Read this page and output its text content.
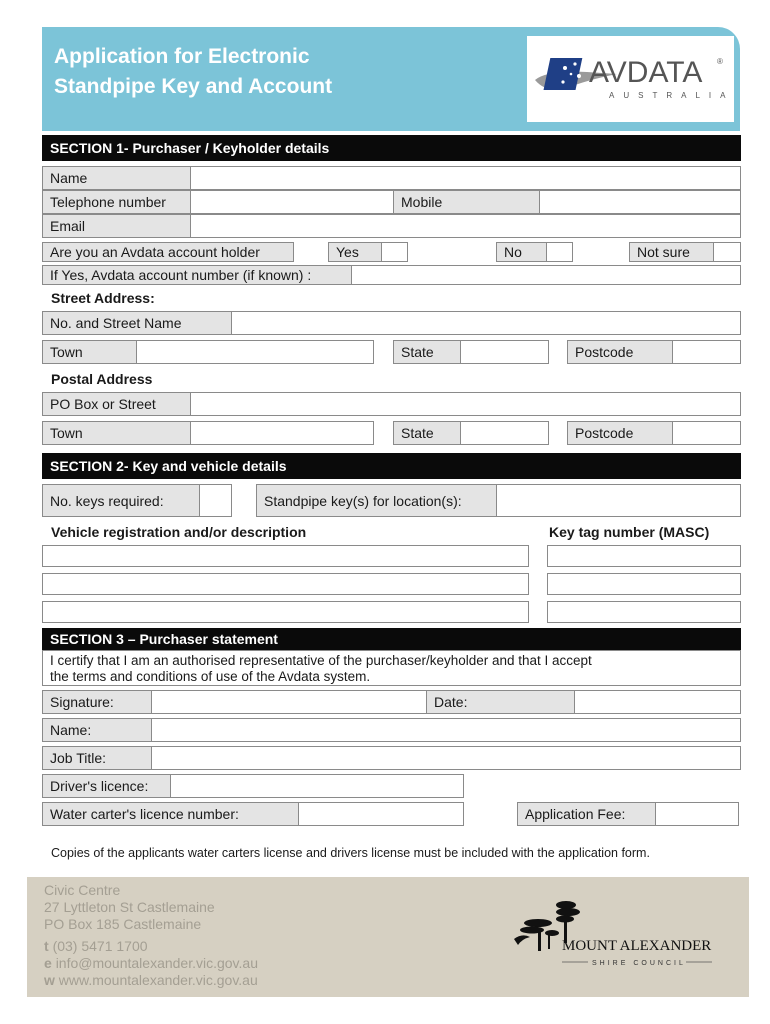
Application for Electronic
Standpipe Key and Account	AVDATA ®
AUSTRALIA
SECTION 1- Purchaser / Keyholder details
Name
Telephone number	Mobile
Email
Are you an Avdata account holder	Yes	No	Not sure
If Yes, Avdata account number (if known) :
Street Address:
No. and Street Name
Town	State	Postcode
Postal Address
PO Box or Street
Town	State	Postcode
SECTION 2- Key and vehicle details
No. keys required:	Standpipe key(s) for location(s):
Vehicle registration and/or description	Key tag number (MASC)
SECTION 3 – Purchaser statement
I certify that I am an authorised representative of the purchaser/keyholder and that I accept
the terms and conditions of use of the Avdata system.
Signature:	Date:
Name:
Job Title:
Driver's licence:
Water carter's licence number:	Application Fee:
Copies of the applicants water carters license and drivers license must be included with the application form.
Civic Centre
27 Lyttleton St Castlemaine
PO Box 185 Castlemaine
t (03) 5471 1700
e info@mountalexander.vic.gov.au
w www.mountalexander.vic.gov.au
MOUNT ALEXANDER
SHIRE COUNCIL
